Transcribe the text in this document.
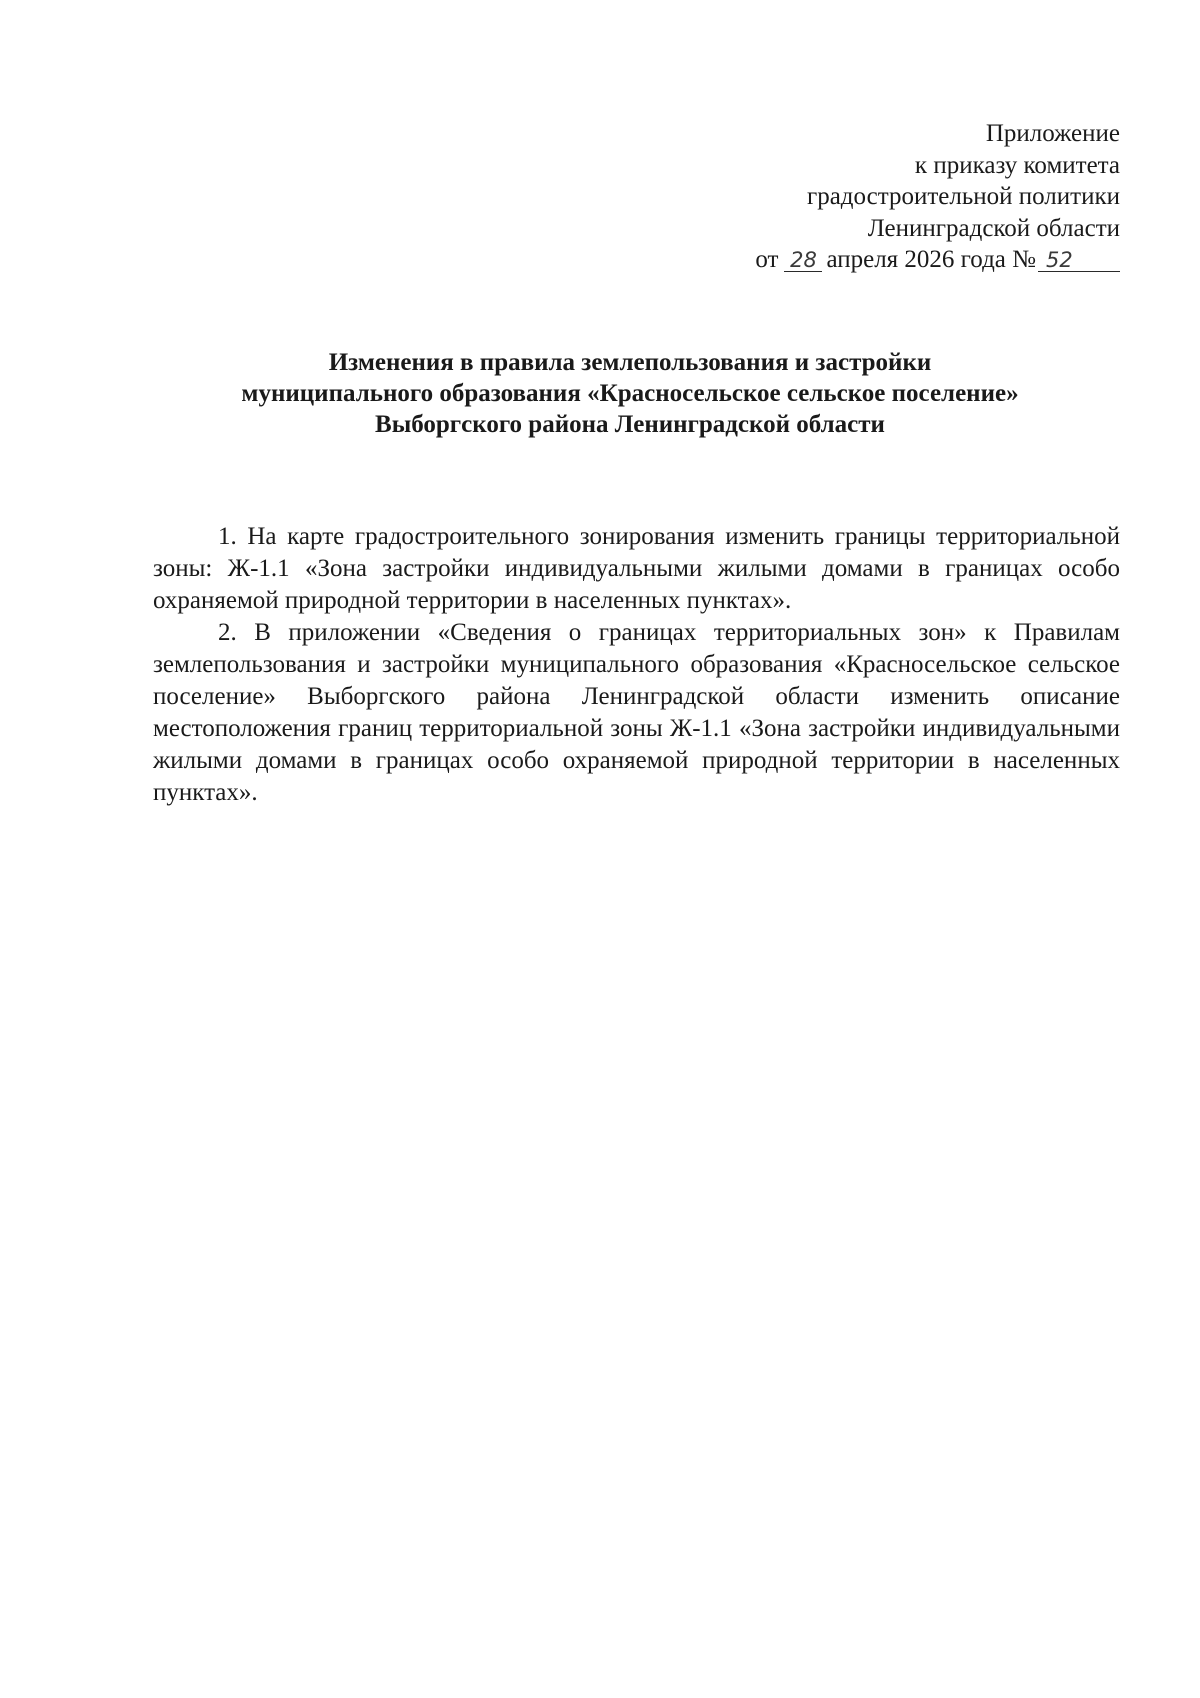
Приложение
к приказу комитета
градостроительной политики
Ленинградской области
от 28 апреля 2026 года № 52
Изменения в правила землепользования и застройки
муниципального образования «Красносельское сельское поселение»
Выборгского района Ленинградской области

1. На карте градостроительного зонирования изменить границы территориальной зоны: Ж-1.1 «Зона застройки индивидуальными жилыми домами в границах особо охраняемой природной территории в населенных пунктах».

2. В приложении «Сведения о границах территориальных зон» к Правилам землепользования и застройки муниципального образования «Красносельское сельское поселение» Выборгского района Ленинградской области изменить описание местоположения границ территориальной зоны Ж-1.1 «Зона застройки индивидуальными жилыми домами в границах особо охраняемой природной территории в населенных пунктах».
